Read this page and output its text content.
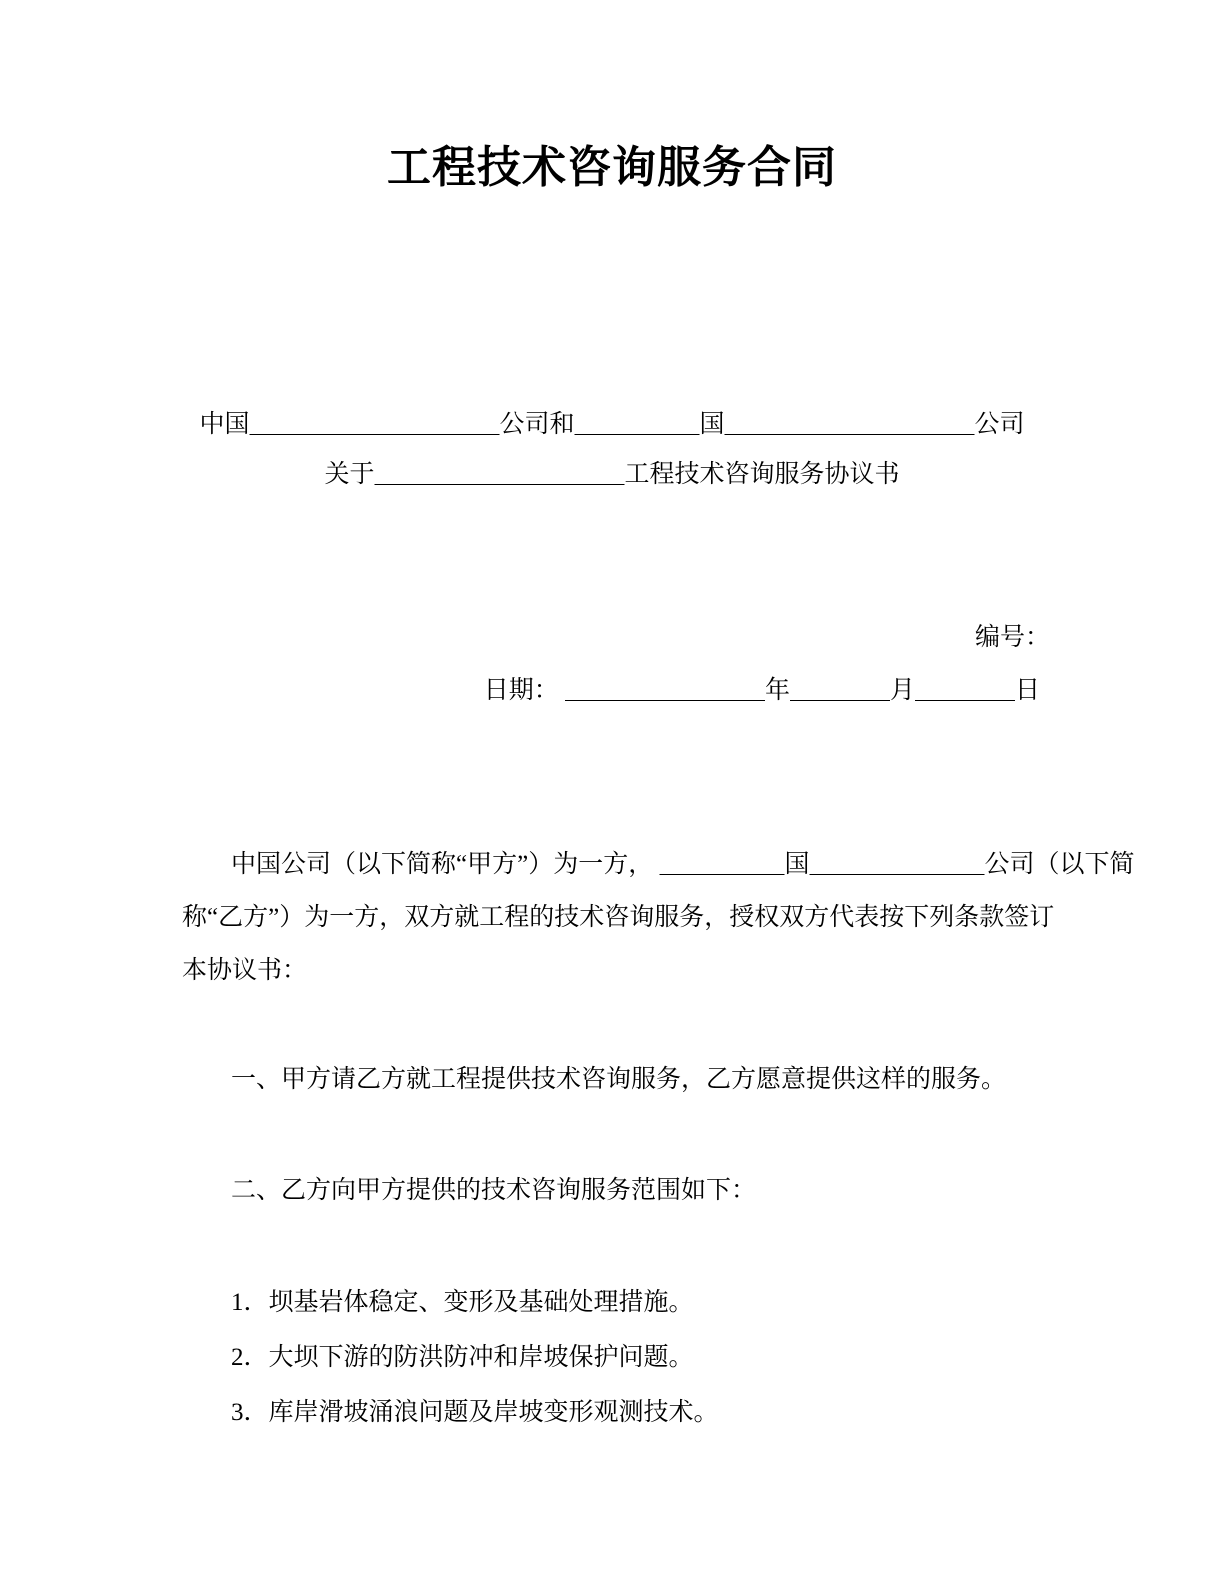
工程技术咨询服务合同
中国＿＿＿＿＿＿＿＿＿＿公司和＿＿＿＿＿国＿＿＿＿＿＿＿＿＿＿公司
关于＿＿＿＿＿＿＿＿＿＿工程技术咨询服务协议书
编号：
日期： ＿＿＿＿＿＿＿＿年＿＿＿＿月＿＿＿＿日
中国公司（以下简称“甲方”）为一方， ＿＿＿＿＿国＿＿＿＿＿＿＿公司（以下简
称“乙方”）为一方，双方就工程的技术咨询服务，授权双方代表按下列条款签订
本协议书：
一、甲方请乙方就工程提供技术咨询服务，乙方愿意提供这样的服务。
二、乙方向甲方提供的技术咨询服务范围如下：
1．坝基岩体稳定、变形及基础处理措施。
2．大坝下游的防洪防冲和岸坡保护问题。
3．库岸滑坡涌浪问题及岸坡变形观测技术。
